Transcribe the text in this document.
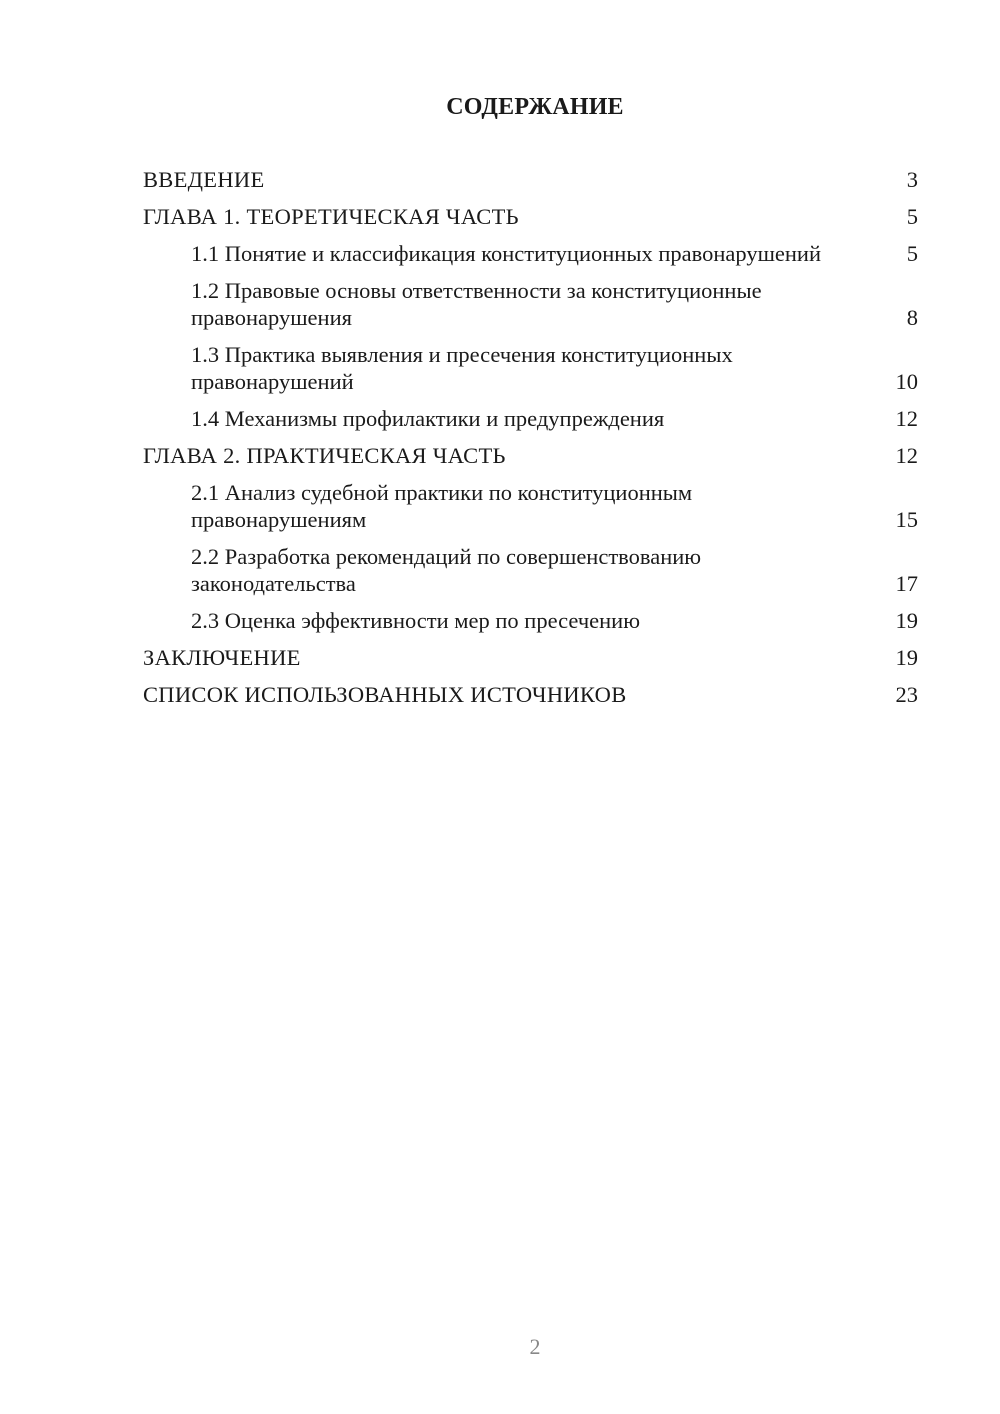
СОДЕРЖАНИЕ
ВВЕДЕНИЕ	3
ГЛАВА 1. ТЕОРЕТИЧЕСКАЯ ЧАСТЬ	5
1.1 Понятие и классификация конституционных правонарушений	5
1.2 Правовые основы ответственности за конституционные правонарушения	8
1.3 Практика выявления и пресечения конституционных правонарушений	10
1.4 Механизмы профилактики и предупреждения	12
ГЛАВА 2. ПРАКТИЧЕСКАЯ ЧАСТЬ	12
2.1 Анализ судебной практики по конституционным правонарушениям	15
2.2 Разработка рекомендаций по совершенствованию законодательства	17
2.3 Оценка эффективности мер по пресечению	19
ЗАКЛЮЧЕНИЕ	19
СПИСОК ИСПОЛЬЗОВАННЫХ ИСТОЧНИКОВ	23
2
